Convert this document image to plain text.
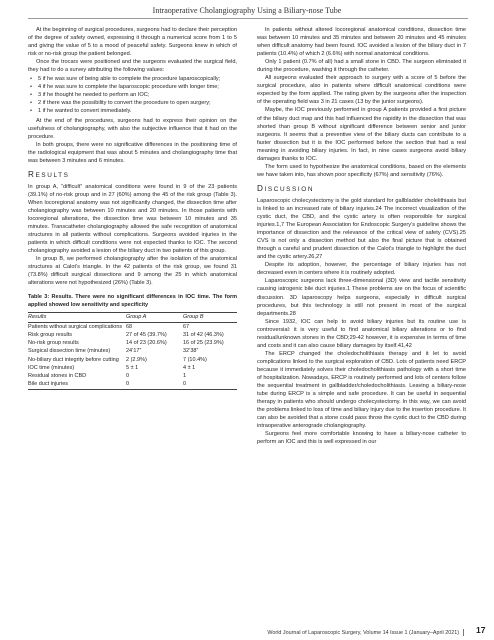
Intraoperative Cholangiography Using a Biliary-nose Tube

At the beginning of surgical procedures, surgeons had to declare their perception of the degree of safety owned, expressing it through a numerical score from 1 to 5 and giving the value of 5 to a mood of peaceful safety. Surgeons knew in which of risk or no-risk group the patient belonged.

Once the trocars were positioned and the surgeons evaluated the surgical field, they had to do a survey attributing the following values:

• 5 if he was sure of being able to complete the procedure laparoscopically;
• 4 if he was sure to complete the laparoscopic procedure with longer time;
• 3 if he thought he needed to perform an IOC;
• 2 if there was the possibility to convert the procedure to open surgery;
• 1 if he wanted to convert immediately.

At the end of the procedures, surgeons had to express their opinion on the usefulness of cholangiography, with also the subjective influence that it had on the procedure.

In both groups, there were no significative differences in the positioning time of the radiological equipment that was about 5 minutes and cholangiography time that was between 3 minutes and 6 minutes.

RESULTS

In group A, “difficult” anatomical conditions were found in 9 of the 23 patients (39.1%) of no-risk group and in 27 (60%) among the 45 of the risk group (Table 3). When locoregional anatomy was not significantly changed, the dissection time after cholangiography was between 10 minutes and 20 minutes. In those patients with locoregional alterations, the dissection time was between 10 minutes and 35 minutes. Transcatheter cholangiography allowed the safe recognition of anatomical structures in all patients without complications. Surgeons avoided injuries in the patients in which difficult conditions were not expected thanks to IOC. The second cholangiography avoided a lesion of the biliary duct in two patients of this group.

In group B, we performed cholangiography after the isolation of the anatomical structures at Calot’s triangle. In the 42 patients of the risk group, we found 31 (73.8%) difficult surgical dissections and 9 among the 25 in which anatomical alterations were not hypothesized (26%) (Table 3).

Table 3: Results. There were no significant differences in IOC time. The form applied showed low sensitivity and specificity
Results	Group A	Group B
Patients without surgical complications	68	67
Risk group results	27 of 45 (39.7%)	31 of 42 (46.3%)
No-risk group results	14 of 23 (20.6%)	16 of 25 (23.9%)
Surgical dissection time (minutes)	24’17”	32’38”
No-biliary duct integrity before cutting	2 (2.9%)	7 (10.4%)
IOC time (minutes)	5 ± 1	4 ± 1
Residual stones in CBD	0	1
Bile duct injuries	0	0

In patients without altered locoregional anatomical conditions, dissection time was between 10 minutes and 35 minutes and between 20 minutes and 45 minutes when difficult anatomy had been found. IOC avoided a lesion of the biliary duct in 7 patients (10.4%) of which 2 (6.6%) with normal anatomical conditions.

Only 1 patient (0.7% of all) had a small stone in CBD. The surgeon eliminated it during the procedure, washing it through the catheter.

All surgeons evaluated their approach to surgery with a score of 5 before the surgical procedure, also in patients where difficult anatomical conditions were expected by the form applied. The rating given by the surgeons after the inspection of the operating field was 3 in 21 cases (13 by the junior surgeons).

Maybe, the IOC previously performed in group A patients provided a first picture of the biliary duct map and this had influenced the rapidity in the dissection that was shorted than group B without significant difference between senior and junior surgeons. It seems that a preventive view of the biliary ducts can contribute to a faster dissection but it is the IOC performed before the section that had a real meaning in avoiding biliary injuries. In fact, in nine cases surgeons avoid biliary damages thanks to IOC.

The form used to hypothesize the anatomical conditions, based on the elements we have taken into, has shown poor specificity (67%) and sensitivity (76%).

DISCUSSION

Laparoscopic cholecystectomy is the gold standard for gallbladder cholelithiasis but is linked to an increased rate of biliary injuries.24 The incorrect visualization of the cystic duct, the CBD, and the cystic artery is often responsible for surgical injuries.1,7 The European Association for Endoscopic Surgery’s guideline shows the importance of dissection and the relevance of the critical view of safety (CVS).25 CVS is not only a dissection method but also the final picture that is obtained through a careful and prudent dissection of the Calot’s triangle to highlight the duct and the cystic artery.26,27

Despite its adoption, however, the percentage of biliary injuries has not decreased even in centers where it is routinely adopted.

Laparoscopic surgeons lack three-dimensional (3D) view and tactile sensitivity causing iatrogenic bile duct injuries.1 These problems are on the focus of scientific discussion. 3D laparoscopy helps surgeons, especially in difficult surgical procedures, but this technology is still not present in most of the surgical departments.28

Since 1932, IOC can help to avoid biliary injuries but its routine use is controversial: it is very useful to find anatomical biliary alterations or to find residual/unknown stones in the CBD;29-42 however, it is expensive in terms of time and costs and it can also cause biliary damages by itself.41,42

The ERCP changed the choledocholithiasis therapy and it let to avoid complications linked to the surgical exploration of CBD. Lots of patients need ERCP because it immediately solves their choledocholithiasis pathology with a short time of hospitalization. Nowadays, ERCP is routinely performed and lots of centers follow the sequential treatment in gallbladder/choledocholithiasis. Leaving a biliary-nose tube during ERCP is a simple and safe procedure. It can be useful in sequential therapy in patients who should undergo cholecystectomy. In this way, we can avoid the problems linked to loss of time and biliary injury due to the insertion procedure. It can also be avoided that a stone could pass throw the cystic duct to the CBD during intraoperative anterograde cholangiography.

Surgeons feel more comfortable knowing to have a biliary-nose catheter to perform an IOC and this is well expressed in our

World Journal of Laparoscopic Surgery, Volume 14 Issue 1 (January–April 2021)	17
